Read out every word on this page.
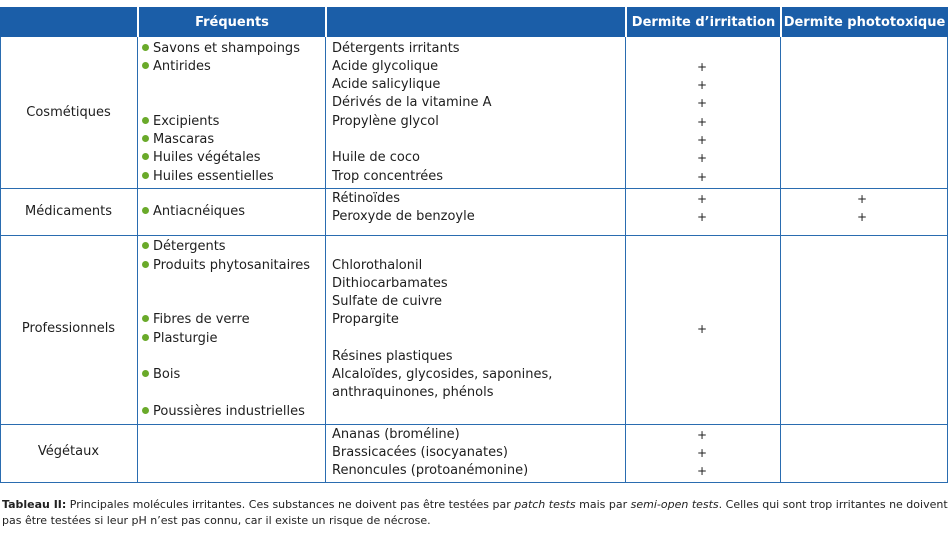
Fréquents	Dermite d’irritation Dermite phototoxique
Cosmétiques
Savons et shampoings
Antirides
Excipients
Mascaras
Huiles végétales
Huiles essentielles
Détergents irritants
Acide glycolique
Acide salicylique
Dérivés de la vitamine A
Propylène glycol
Huile de coco
Trop concentrées
+
+
+
+
+
+
+
Médicaments	Antiacnéiques
Rétinoïdes
Peroxyde de benzoyle
+
+
+
+
Professionnels
Détergents
Produits phytosanitaires
Fibres de verre
Plasturgie
Bois
Poussières industrielles
Chlorothalonil
Dithiocarbamates
Sulfate de cuivre
Propargite
Résines plastiques
Alcaloïdes, glycosides, saponines,
anthraquinones, phénols
+
Végétaux
Ananas (broméline)
Brassicacées (isocyanates)
Renoncules (protoanémonine)
+
+
+
Tableau II: Principales molécules irritantes. Ces substances ne doivent pas être testées par patch tests mais par semi-open tests. Celles qui sont trop irritantes ne doivent pas être testées si leur pH n’est pas connu, car il existe un risque de nécrose.
